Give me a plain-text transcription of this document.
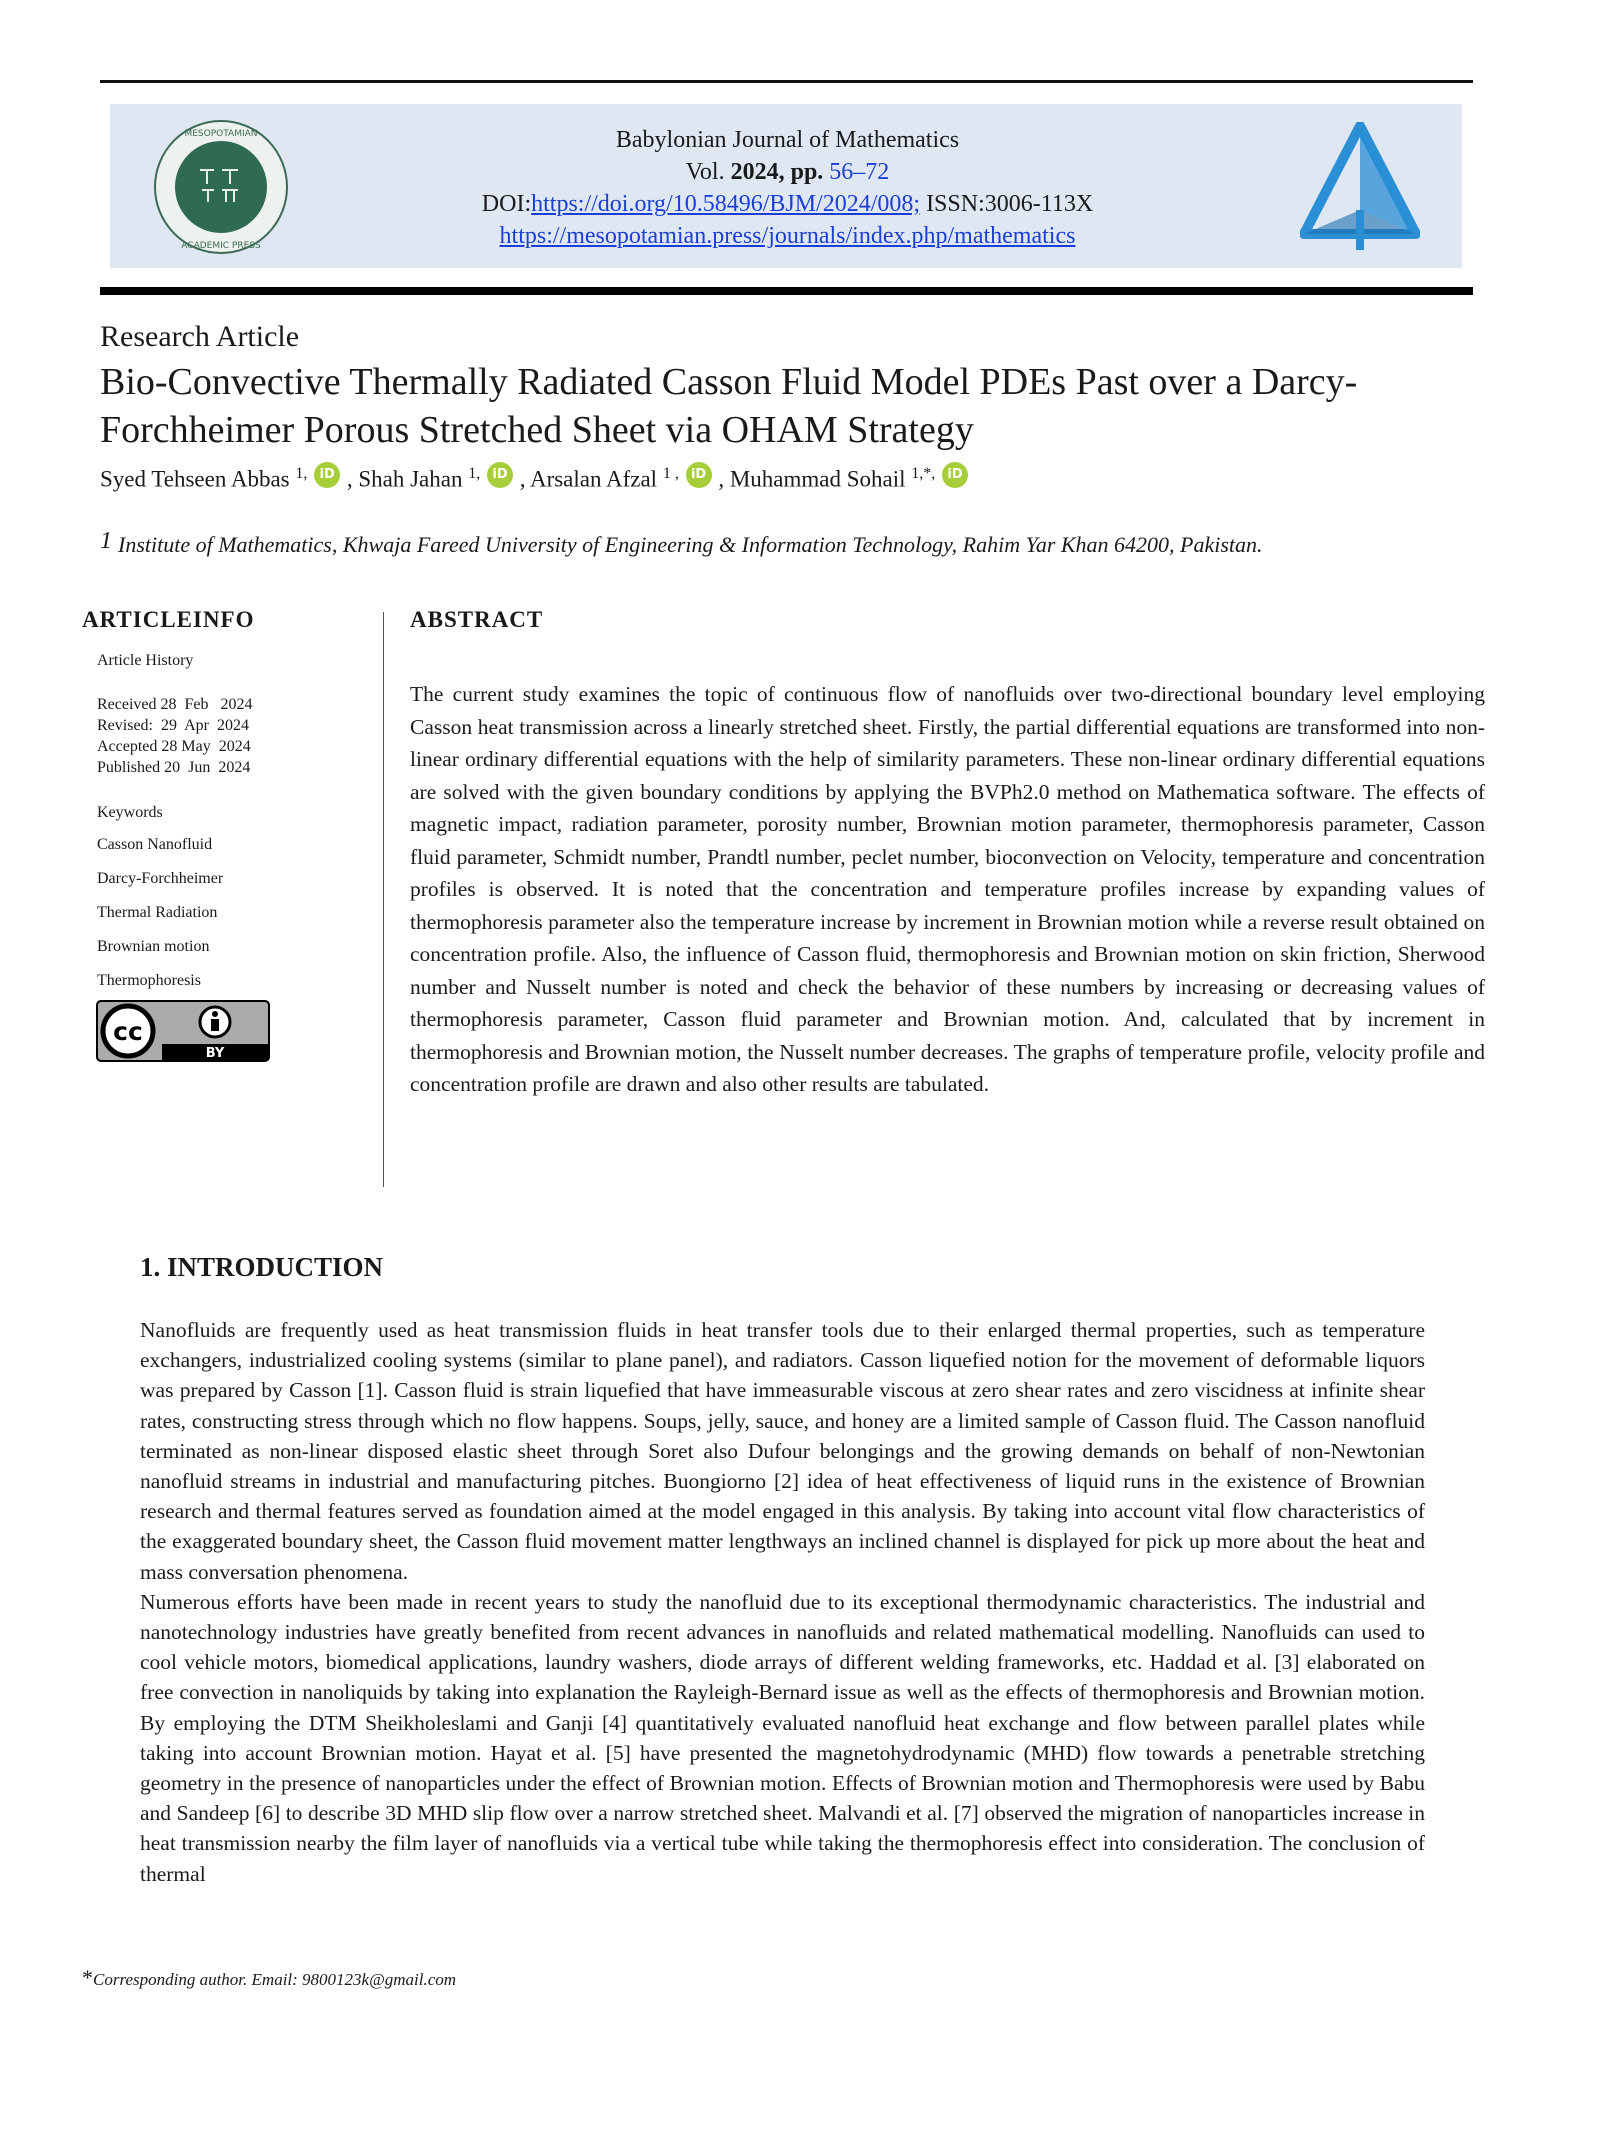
MESOPOTAMIAN
ACADEMIC PRESS
Babylonian Journal of Mathematics
Vol. 2024, pp. 56–72
DOI:https://doi.org/10.58496/BJM/2024/008; ISSN:3006-113X
https://mesopotamian.press/journals/index.php/mathematics
Research Article
Bio-Convective Thermally Radiated Casson Fluid Model PDEs Past over a Darcy-Forchheimer Porous Stretched Sheet via OHAM Strategy
Syed Tehseen Abbas $^{1,}$ iD , Shah Jahan $^{1,}$ iD , Arsalan Afzal $^{1 ,}$ iD , Muhammad Sohail $^{1,*,}$ iD
1 Institute of Mathematics, Khwaja Fareed University of Engineering & Information Technology, Rahim Yar Khan 64200, Pakistan.
ARTICLEINFO
Article History
Received 28  Feb   2024
Revised:  29  Apr  2024
Accepted 28 May  2024
Published 20  Jun  2024
Keywords
Casson Nanofluid
Darcy-Forchheimer
Thermal Radiation
Brownian motion
Thermophoresis
BY
cc
ABSTRACT
The current study examines the topic of continuous flow of nanofluids over two-directional boundary level employing Casson heat transmission across a linearly stretched sheet. Firstly, the partial differential equations are transformed into non-linear ordinary differential equations with the help of similarity parameters. These non-linear ordinary differential equations are solved with the given boundary conditions by applying the BVPh2.0 method on Mathematica software. The effects of magnetic impact, radiation parameter, porosity number, Brownian motion parameter, thermophoresis parameter, Casson fluid parameter, Schmidt number, Prandtl number, peclet number, bioconvection on Velocity, temperature and concentration profiles is observed. It is noted that the concentration and temperature profiles increase by expanding values of thermophoresis parameter also the temperature increase by increment in Brownian motion while a reverse result obtained on concentration profile. Also, the influence of Casson fluid, thermophoresis and Brownian motion on skin friction, Sherwood number and Nusselt number is noted and check the behavior of these numbers by increasing or decreasing values of thermophoresis parameter, Casson fluid parameter and Brownian motion. And, calculated that by increment in thermophoresis and Brownian motion, the Nusselt number decreases. The graphs of temperature profile, velocity profile and concentration profile are drawn and also other results are tabulated.
1. INTRODUCTION

Nanofluids are frequently used as heat transmission fluids in heat transfer tools due to their enlarged thermal properties, such as temperature exchangers, industrialized cooling systems (similar to plane panel), and radiators. Casson liquefied notion for the movement of deformable liquors was prepared by Casson [1]. Casson fluid is strain liquefied that have immeasurable viscous at zero shear rates and zero viscidness at infinite shear rates, constructing stress through which no flow happens. Soups, jelly, sauce, and honey are a limited sample of Casson fluid. The Casson nanofluid terminated as non-linear disposed elastic sheet through Soret also Dufour belongings and the growing demands on behalf of non-Newtonian nanofluid streams in industrial and manufacturing pitches. Buongiorno [2] idea of heat effectiveness of liquid runs in the existence of Brownian research and thermal features served as foundation aimed at the model engaged in this analysis. By taking into account vital flow characteristics of the exaggerated boundary sheet, the Casson fluid movement matter lengthways an inclined channel is displayed for pick up more about the heat and mass conversation phenomena.

Numerous efforts have been made in recent years to study the nanofluid due to its exceptional thermodynamic characteristics. The industrial and nanotechnology industries have greatly benefited from recent advances in nanofluids and related mathematical modelling. Nanofluids can used to cool vehicle motors, biomedical applications, laundry washers, diode arrays of different welding frameworks, etc. Haddad et al. [3] elaborated on free convection in nanoliquids by taking into explanation the Rayleigh-Bernard issue as well as the effects of thermophoresis and Brownian motion. By employing the DTM Sheikholeslami and Ganji [4] quantitatively evaluated nanofluid heat exchange and flow between parallel plates while taking into account Brownian motion. Hayat et al. [5] have presented the magnetohydrodynamic (MHD) flow towards a penetrable stretching geometry in the presence of nanoparticles under the effect of Brownian motion. Effects of Brownian motion and Thermophoresis were used by Babu and Sandeep [6] to describe 3D MHD slip flow over a narrow stretched sheet. Malvandi et al. [7] observed the migration of nanoparticles increase in heat transmission nearby the film layer of nanofluids via a vertical tube while taking the thermophoresis effect into consideration. The conclusion of thermal

*Corresponding author. Email: 9800123k@gmail.com
